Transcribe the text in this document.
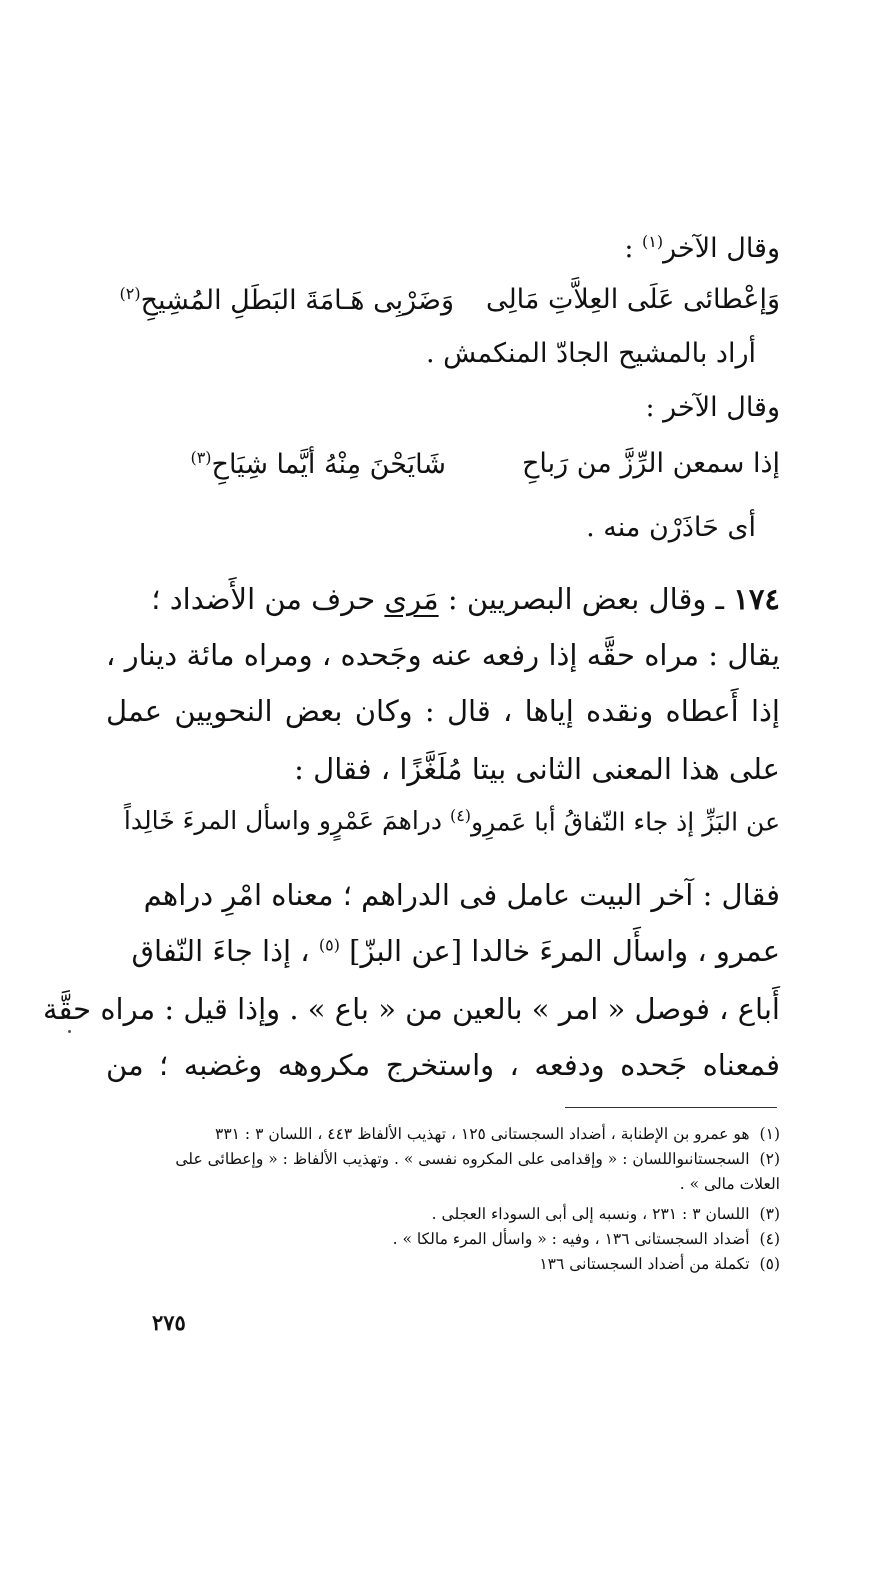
وقال الآخر$^{(١)}$ :
وَإعْطائى عَلَى العِلاَّتِ مَالِى
وَضَرْبِى هَـامَةَ البَطَلِ المُشِيحِ$^{(٢)}$
أراد بالمشيح الجادّ المنكمش .
وقال الآخر :
إذا سمعن الرِّزَّ من رَباحِ
شَايَحْنَ مِنْهُ أيَّما شِيَاحِ$^{(٣)}$
أى حَاذَرْن منه .
١٧٤ ـ وقال بعض البصريين : مَرى حرف من الأَضداد ؛
يقال : مراه حقَّه إذا رفعه عنه وجَحده ، ومراه مائة دينار ،
إذا أَعطاه ونقده إياها ، قال : وكان بعض النحويين عمل
على هذا المعنى الثانى بيتا مُلَغَّزًا ، فقال :
دراهمَ عَمْرٍو واسأل المرءَ خَالِداً	عن البَزِّ إذ جاء النّفاقُ أبا عَمرِو$^{(٤)}$
فقال : آخر البيت عامل فى الدراهم ؛ معناه امْرِ دراهم
عمرو ، واسأَل المرءَ خالدا [عن البزّ] $^{(٥)}$ ، إذا جاءَ النّفاق
أَباع ، فوصل « امر » بالعين من « باع » . وإذا قيل : مراه حقَّة
فمعناه جَحده ودفعه ، واستخرج مكروهه وغضبه ؛ من
(١)هو عمرو بن الإطنابة ، أضداد السجستانى ١٢٥ ، تهذيب الألفاظ ٤٤٣ ، اللسان ٣ : ٣٣١
(٢)السجستانىواللسان : « وإقدامى على المكروه نفسى » . وتهذيب الألفاظ : « وإعطائى على
العلات مالى » .
(٣)اللسان ٣ : ٢٣١ ، ونسبه إلى أبى السوداء العجلى .
(٤)أضداد السجستانى ١٣٦ ، وفيه : « واسأل المرء مالكا » .
(٥)تكملة من أضداد السجستانى ١٣٦
٢٧٥
